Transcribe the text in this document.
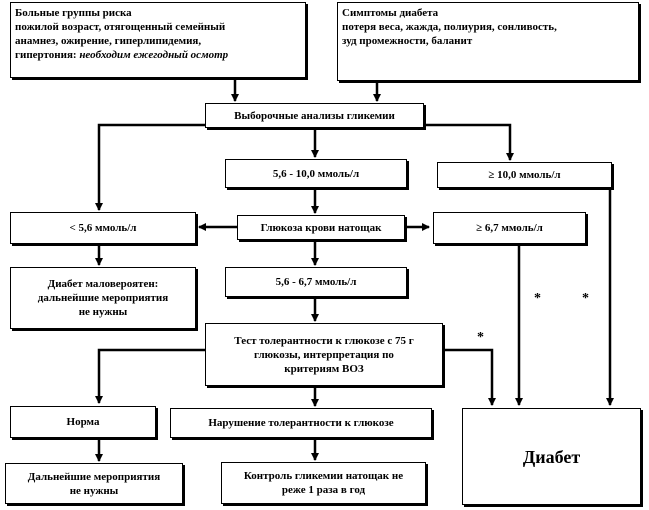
Больные группы риска
пожилой возраст, отягощенный семейный
анамнез, ожирение, гиперлипидемия,
гипертония: необходим ежегодный осмотр
Симптомы диабета
потеря веса, жажда, полиурия, сонливость,
зуд промежности, баланит
Выборочные анализы гликемии
5,6 - 10,0 ммоль/л	≥ 10,0 ммоль/л
< 5,6 ммоль/л	Глюкоза крови натощак	≥ 6,7 ммоль/л
Диабет маловероятен:
дальнейшие мероприятия
не нужны
5,6 - 6,7 ммоль/л
Тест толерантности к глюкозе с 75 г
глюкозы, интерпретация по
критериям ВОЗ
Норма	Нарушение толерантности к глюкозе
Диабет
Дальнейшие мероприятия
не нужны
Контроль гликемии натощак не
реже 1 раза в год
*
*	*
